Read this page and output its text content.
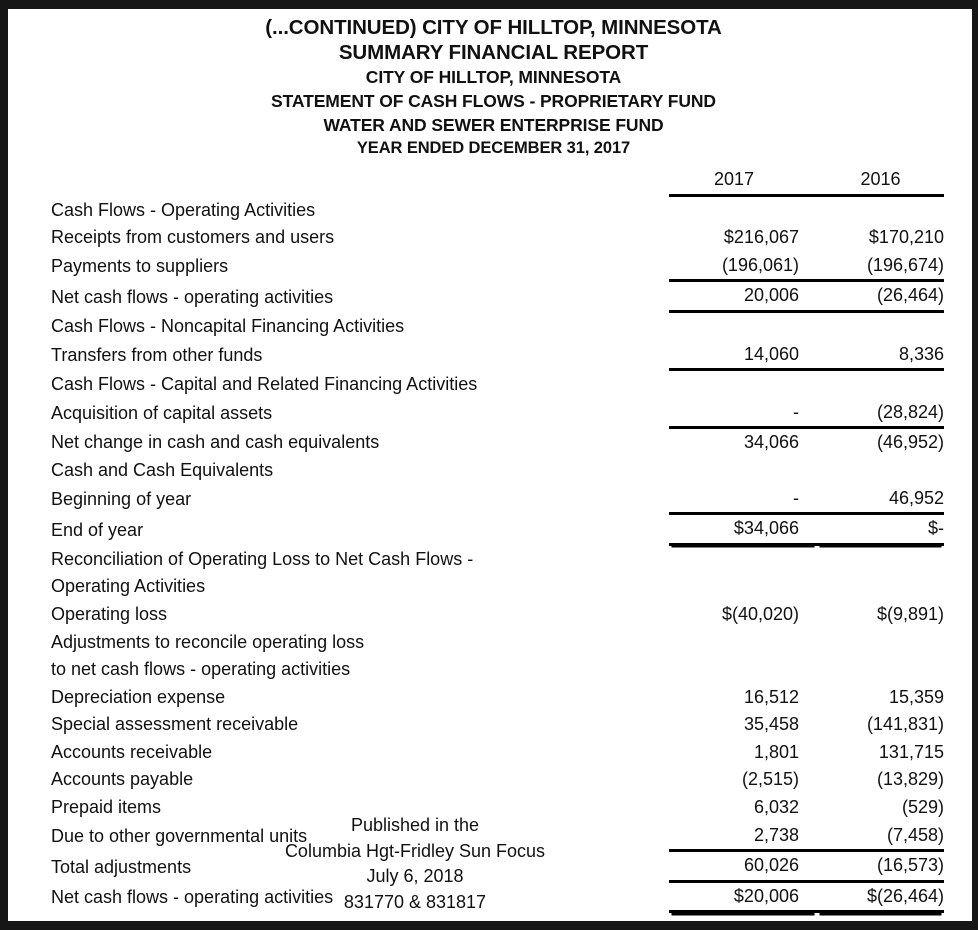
(...CONTINUED) CITY OF HILLTOP, MINNESOTA
SUMMARY FINANCIAL REPORT
CITY OF HILLTOP, MINNESOTA
STATEMENT OF CASH FLOWS - PROPRIETARY FUND
WATER AND SEWER ENTERPRISE FUND
YEAR ENDED DECEMBER 31, 2017
	2017	2016
Cash Flows - Operating Activities		
Receipts from customers and users	$216,067	$170,210
Payments to suppliers	(196,061)	(196,674)
Net cash flows - operating activities	20,006	(26,464)
Cash Flows - Noncapital Financing Activities		
Transfers from other funds	14,060	8,336
Cash Flows - Capital and Related Financing Activities		
Acquisition of capital assets	-	(28,824)
Net change in cash and cash equivalents	34,066	(46,952)
Cash and Cash Equivalents		
Beginning of year	-	46,952
End of year	$34,066	$-
Reconciliation of Operating Loss to Net Cash Flows -		
Operating Activities		
Operating loss	$(40,020)	$(9,891)
Adjustments to reconcile operating loss		
to net cash flows - operating activities		
Depreciation expense	16,512	15,359
Special assessment receivable	35,458	(141,831)
Accounts receivable	1,801	131,715
Accounts payable	(2,515)	(13,829)
Prepaid items	6,032	(529)
Due to other governmental units	2,738	(7,458)
Total adjustments	60,026	(16,573)
Net cash flows - operating activities	$20,006	$(26,464)
Published in the
Columbia Hgt-Fridley Sun Focus
July 6, 2018
831770 & 831817
